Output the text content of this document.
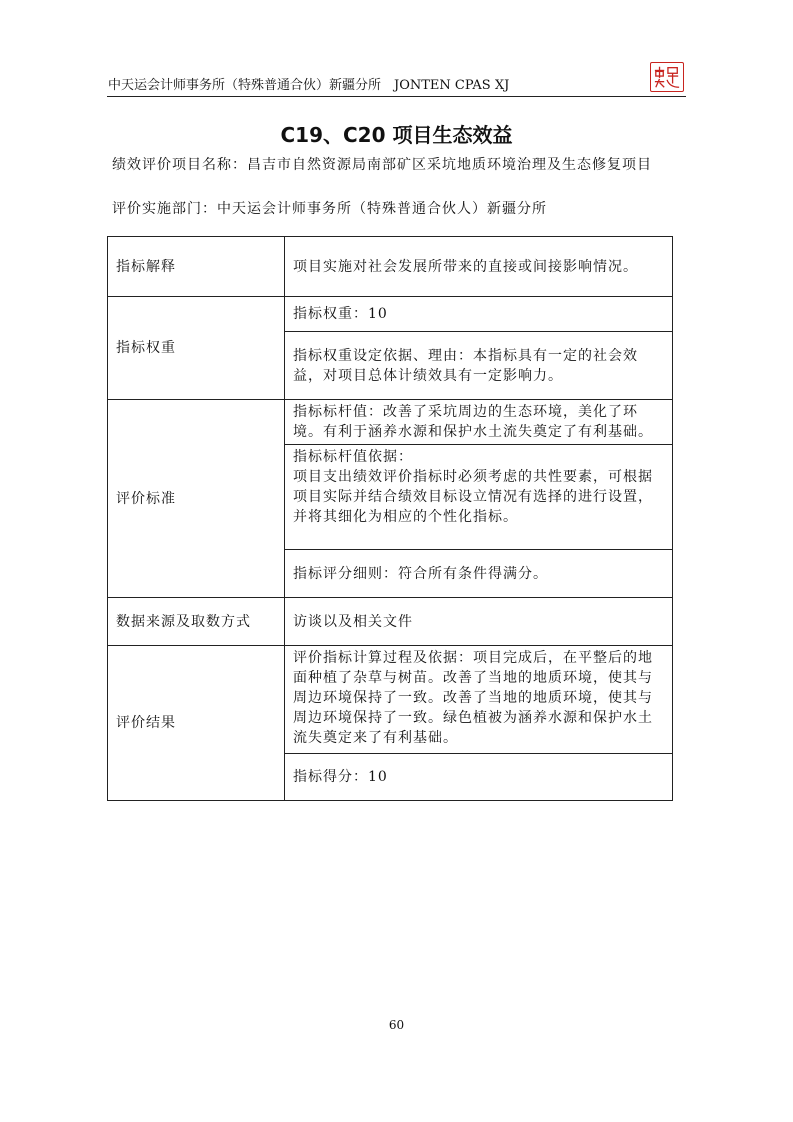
中天运会计师事务所（特殊普通合伙）新疆分所　JONTEN CPAS XJ
C19、C20 项目生态效益
绩效评价项目名称：昌吉市自然资源局南部矿区采坑地质环境治理及生态修复项目
评价实施部门：中天运会计师事务所（特殊普通合伙人）新疆分所
指标解释	项目实施对社会发展所带来的直接或间接影响情况。
指标权重	指标权重：10
	指标权重设定依据、理由：本指标具有一定的社会效益，对项目总体计绩效具有一定影响力。
评价标准	指标标杆值：改善了采坑周边的生态环境，美化了环境。有利于涵养水源和保护水土流失奠定了有利基础。

	指标标杆值依据：
项目支出绩效评价指标时必须考虑的共性要素，可根据项目实际并结合绩效目标设立情况有选择的进行设置，并将其细化为相应的个性化指标。

	指标评分细则：符合所有条件得满分。
数据来源及取数方式	访谈以及相关文件
评价结果	评价指标计算过程及依据：项目完成后，在平整后的地面种植了杂草与树苗。改善了当地的地质环境，使其与周边环境保持了一致。改善了当地的地质环境，使其与周边环境保持了一致。绿色植被为涵养水源和保护水土流失奠定来了有利基础。
	指标得分：10
60
